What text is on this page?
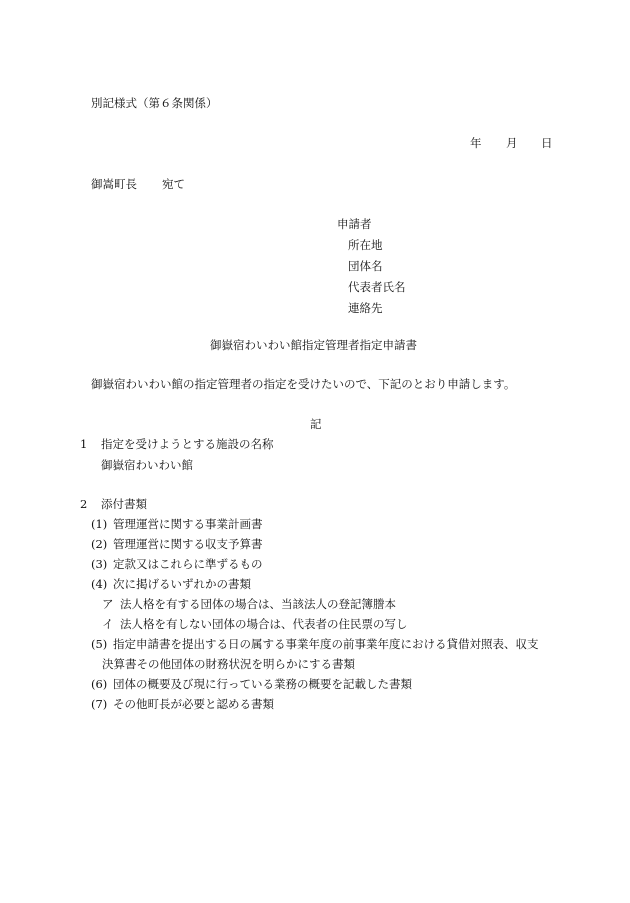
別記様式（第６条関係）
年 月 日
御嵩町長 宛て
申請者
所在地
団体名
代表者氏名
連絡先
御嶽宿わいわい館指定管理者指定申請書
御嶽宿わいわい館の指定管理者の指定を受けたいので、下記のとおり申請します。
記
1 指定を受けようとする施設の名称
御嶽宿わいわい館
2 添付書類
(1) 管理運営に関する事業計画書
(2) 管理運営に関する収支予算書
(3) 定款又はこれらに準ずるもの
(4) 次に掲げるいずれかの書類
ア 法人格を有する団体の場合は、当該法人の登記簿謄本
イ 法人格を有しない団体の場合は、代表者の住民票の写し
(5) 指定申請書を提出する日の属する事業年度の前事業年度における貸借対照表、収支
決算書その他団体の財務状況を明らかにする書類
(6) 団体の概要及び現に行っている業務の概要を記載した書類
(7) その他町長が必要と認める書類
